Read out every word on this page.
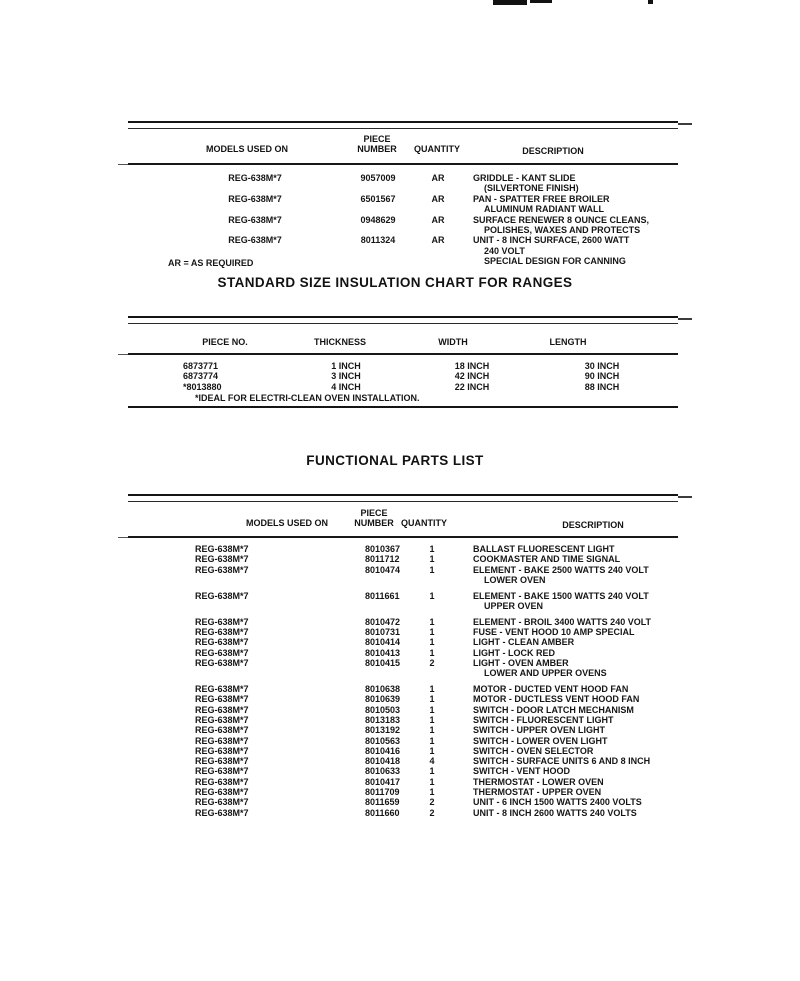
MODELS USED ON
PIECE
NUMBER QUANTITY	DESCRIPTION
REG-638M*7	9057009	AR	GRIDDLE - KANT SLIDE
(SILVERTONE FINISH)
REG-638M*7	6501567	AR	PAN - SPATTER FREE BROILER
ALUMINUM RADIANT WALL
REG-638M*7	0948629	AR	SURFACE RENEWER 8 OUNCE CLEANS,
POLISHES, WAXES AND PROTECTS
REG-638M*7	8011324	AR	UNIT - 8 INCH SURFACE, 2600 WATT
240 VOLT
SPECIAL DESIGN FOR CANNING
AR = AS REQUIRED
STANDARD SIZE INSULATION CHART FOR RANGES
PIECE NO.	THICKNESS	WIDTH	LENGTH
6873771	1 INCH	18 INCH	30 INCH
6873774	3 INCH	42 INCH	90 INCH
*8013880	4 INCH	22 INCH	88 INCH
*IDEAL FOR ELECTRI-CLEAN OVEN INSTALLATION.
FUNCTIONAL PARTS LIST
MODELS USED ON
PIECE
NUMBER QUANTITY	DESCRIPTION
REG-638M*7	8010367	1	BALLAST FLUORESCENT LIGHT
REG-638M*7	8011712	1	COOKMASTER AND TIME SIGNAL
REG-638M*7	8010474	1	ELEMENT - BAKE 2500 WATTS 240 VOLT
LOWER OVEN
REG-638M*7	8011661	1	ELEMENT - BAKE 1500 WATTS 240 VOLT
UPPER OVEN
REG-638M*7	8010472	1	ELEMENT - BROIL 3400 WATTS 240 VOLT
REG-638M*7	8010731	1	FUSE - VENT HOOD 10 AMP SPECIAL
REG-638M*7	8010414	1	LIGHT - CLEAN AMBER
REG-638M*7	8010413	1	LIGHT - LOCK RED
REG-638M*7	8010415	2	LIGHT - OVEN AMBER
LOWER AND UPPER OVENS
REG-638M*7	8010638	1	MOTOR - DUCTED VENT HOOD FAN
REG-638M*7	8010639	1	MOTOR - DUCTLESS VENT HOOD FAN
REG-638M*7	8010503	1	SWITCH - DOOR LATCH MECHANISM
REG-638M*7	8013183	1	SWITCH - FLUORESCENT LIGHT
REG-638M*7	8013192	1	SWITCH - UPPER OVEN LIGHT
REG-638M*7	8010563	1	SWITCH - LOWER OVEN LIGHT
REG-638M*7	8010416	1	SWITCH - OVEN SELECTOR
REG-638M*7	8010418	4	SWITCH - SURFACE UNITS 6 AND 8 INCH
REG-638M*7	8010633	1	SWITCH - VENT HOOD
REG-638M*7	8010417	1	THERMOSTAT - LOWER OVEN
REG-638M*7	8011709	1	THERMOSTAT - UPPER OVEN
REG-638M*7	8011659	2	UNIT - 6 INCH 1500 WATTS 2400 VOLTS
REG-638M*7	8011660	2	UNIT - 8 INCH 2600 WATTS 240 VOLTS
